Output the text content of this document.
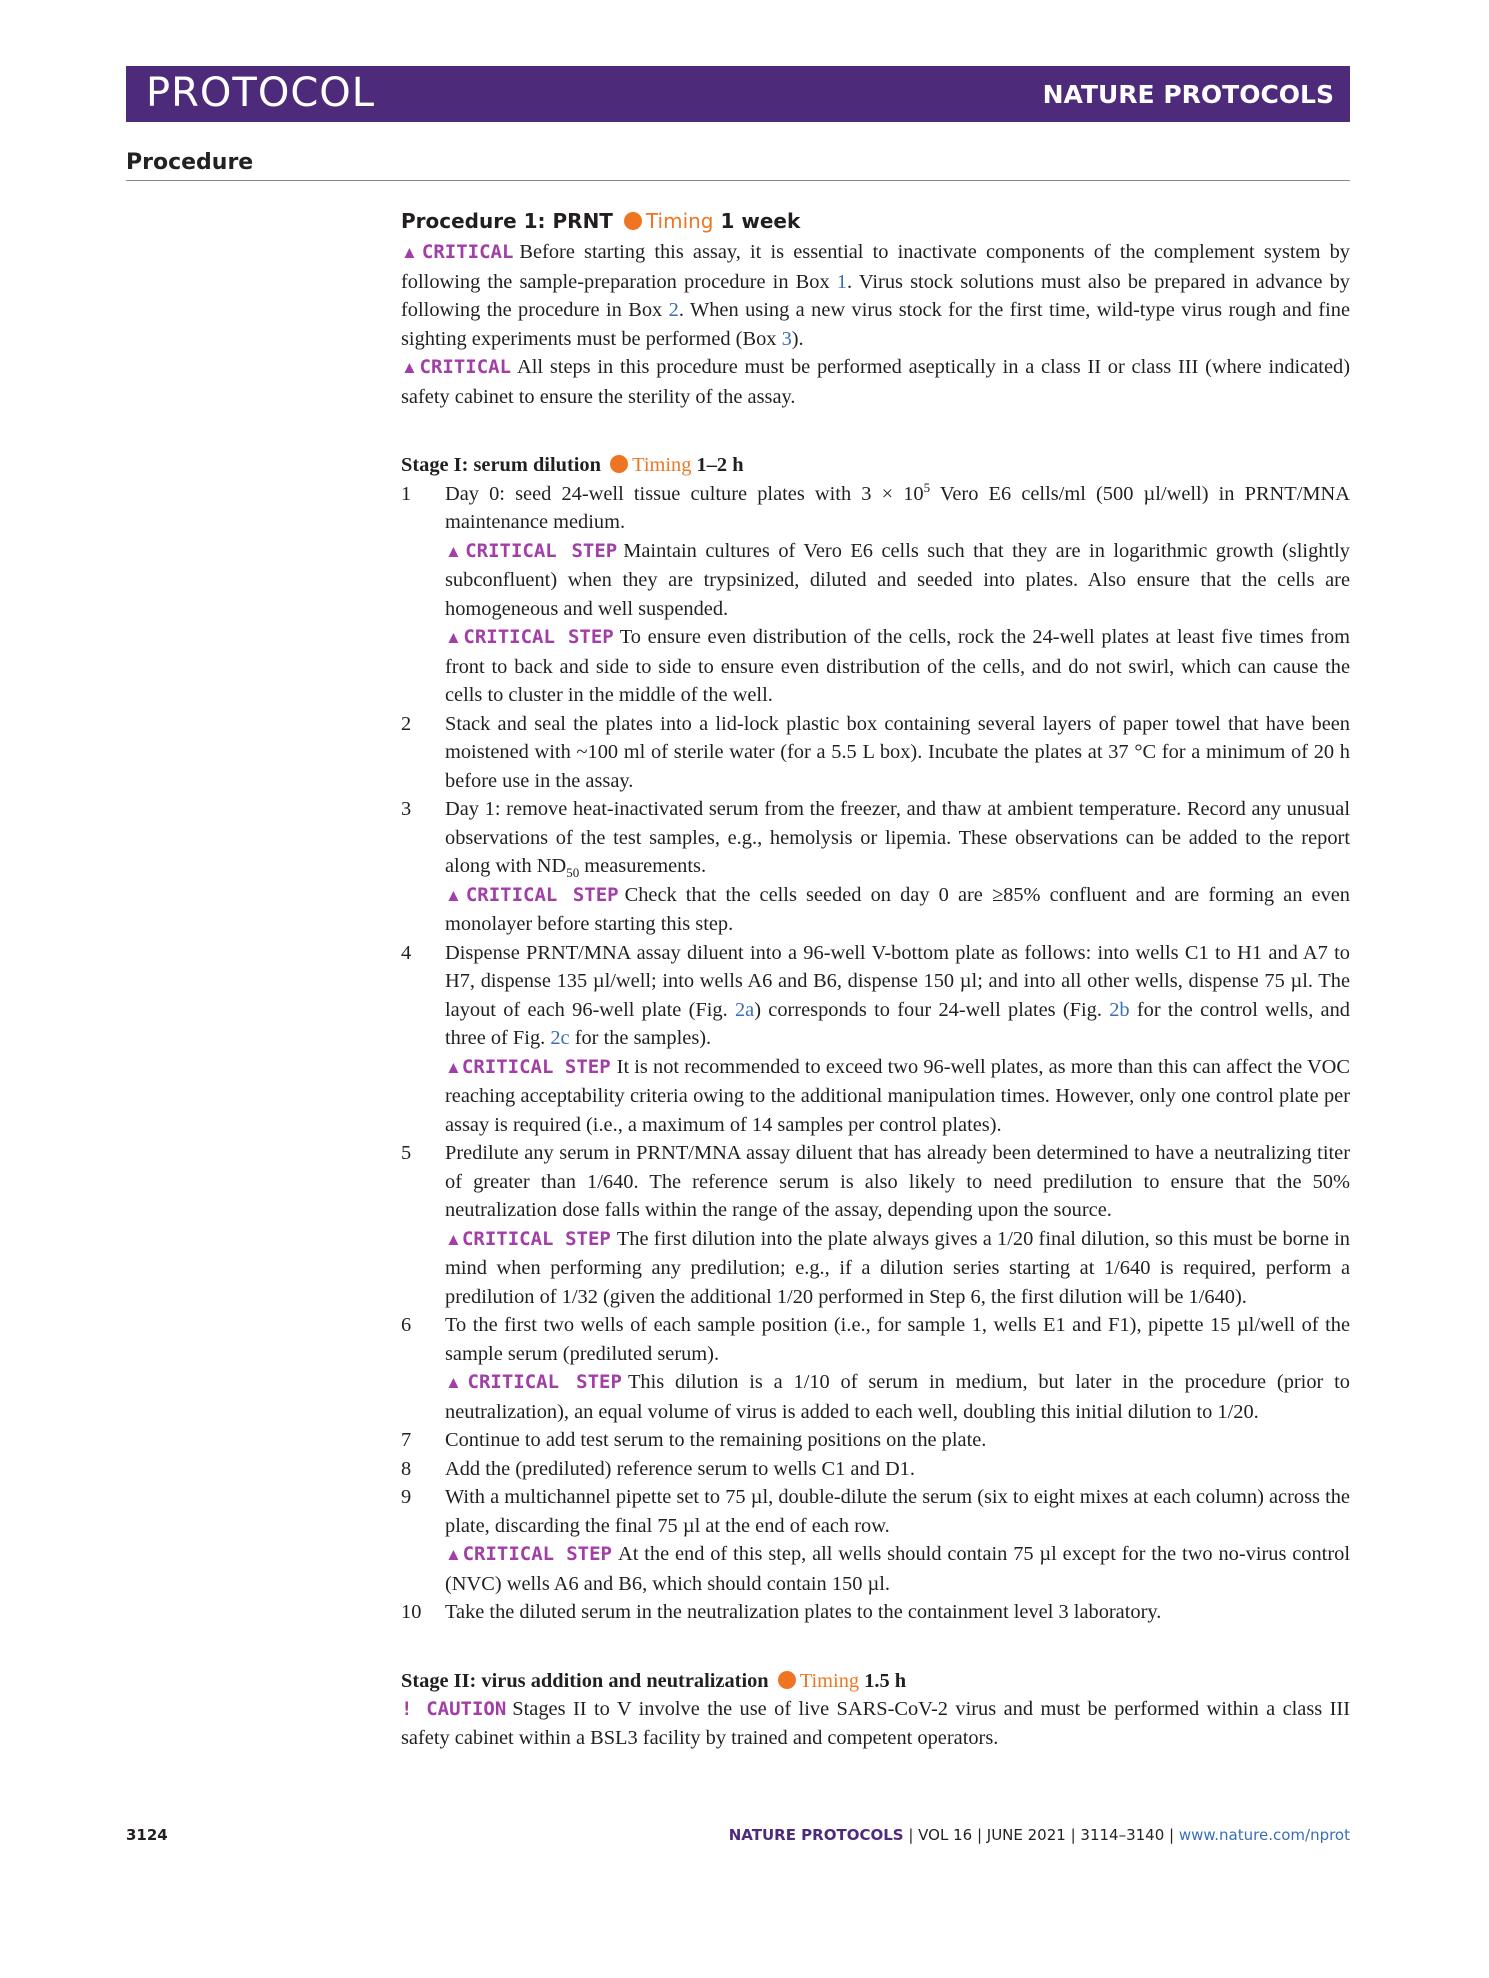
PROTOCOL	NATURE PROTOCOLS
Procedure
Procedure 1: PRNT Timing 1 week

▲CRITICAL Before starting this assay, it is essential to inactivate components of the complement system by following the sample-preparation procedure in Box 1. Virus stock solutions must also be prepared in advance by following the procedure in Box 2. When using a new virus stock for the first time, wild-type virus rough and fine sighting experiments must be performed (Box 3).

▲CRITICAL All steps in this procedure must be performed aseptically in a class II or class III (where indicated) safety cabinet to ensure the sterility of the assay.

Stage I: serum dilution Timing 1–2 h
1 Day 0: seed 24-well tissue culture plates with $3 \times 10^5$ Vero E6 cells/ml (500 µl/well) in PRNT/MNA maintenance medium.

▲CRITICAL STEP Maintain cultures of Vero E6 cells such that they are in logarithmic growth (slightly subconfluent) when they are trypsinized, diluted and seeded into plates. Also ensure that the cells are homogeneous and well suspended.

▲CRITICAL STEP To ensure even distribution of the cells, rock the 24-well plates at least five times from front to back and side to side to ensure even distribution of the cells, and do not swirl, which can cause the cells to cluster in the middle of the well.

2 Stack and seal the plates into a lid-lock plastic box containing several layers of paper towel that have been moistened with ~100 ml of sterile water (for a 5.5 L box). Incubate the plates at 37 °C for a minimum of 20 h before use in the assay.

3 Day 1: remove heat-inactivated serum from the freezer, and thaw at ambient temperature. Record any unusual observations of the test samples, e.g., hemolysis or lipemia. These observations can be added to the report along with $ND_{50}$ measurements.

▲CRITICAL STEP Check that the cells seeded on day 0 are ≥85% confluent and are forming an even monolayer before starting this step.

4 Dispense PRNT/MNA assay diluent into a 96-well V-bottom plate as follows: into wells C1 to H1 and A7 to H7, dispense 135 µl/well; into wells A6 and B6, dispense 150 µl; and into all other wells, dispense 75 µl. The layout of each 96-well plate (Fig. 2a) corresponds to four 24-well plates (Fig. 2b for the control wells, and three of Fig. 2c for the samples).

▲CRITICAL STEP It is not recommended to exceed two 96-well plates, as more than this can affect the VOC reaching acceptability criteria owing to the additional manipulation times. However, only one control plate per assay is required (i.e., a maximum of 14 samples per control plates).

5 Predilute any serum in PRNT/MNA assay diluent that has already been determined to have a neutralizing titer of greater than 1/640. The reference serum is also likely to need predilution to ensure that the 50% neutralization dose falls within the range of the assay, depending upon the source.

▲CRITICAL STEP The first dilution into the plate always gives a 1/20 final dilution, so this must be borne in mind when performing any predilution; e.g., if a dilution series starting at 1/640 is required, perform a predilution of 1/32 (given the additional 1/20 performed in Step 6, the first dilution will be 1/640).

6 To the first two wells of each sample position (i.e., for sample 1, wells E1 and F1), pipette 15 µl/well of the sample serum (prediluted serum).

▲CRITICAL STEP This dilution is a 1/10 of serum in medium, but later in the procedure (prior to neutralization), an equal volume of virus is added to each well, doubling this initial dilution to 1/20.

7 Continue to add test serum to the remaining positions on the plate.

8 Add the (prediluted) reference serum to wells C1 and D1.

9 With a multichannel pipette set to 75 µl, double-dilute the serum (six to eight mixes at each column) across the plate, discarding the final 75 µl at the end of each row.

▲CRITICAL STEP At the end of this step, all wells should contain 75 µl except for the two no-virus control (NVC) wells A6 and B6, which should contain 150 µl.

10 Take the diluted serum in the neutralization plates to the containment level 3 laboratory.

Stage II: virus addition and neutralization Timing 1.5 h

! CAUTION Stages II to V involve the use of live SARS-CoV-2 virus and must be performed within a class III safety cabinet within a BSL3 facility by trained and competent operators.

3124	NATURE PROTOCOLS | VOL 16 | JUNE 2021 | 3114–3140 | www.nature.com/nprot
